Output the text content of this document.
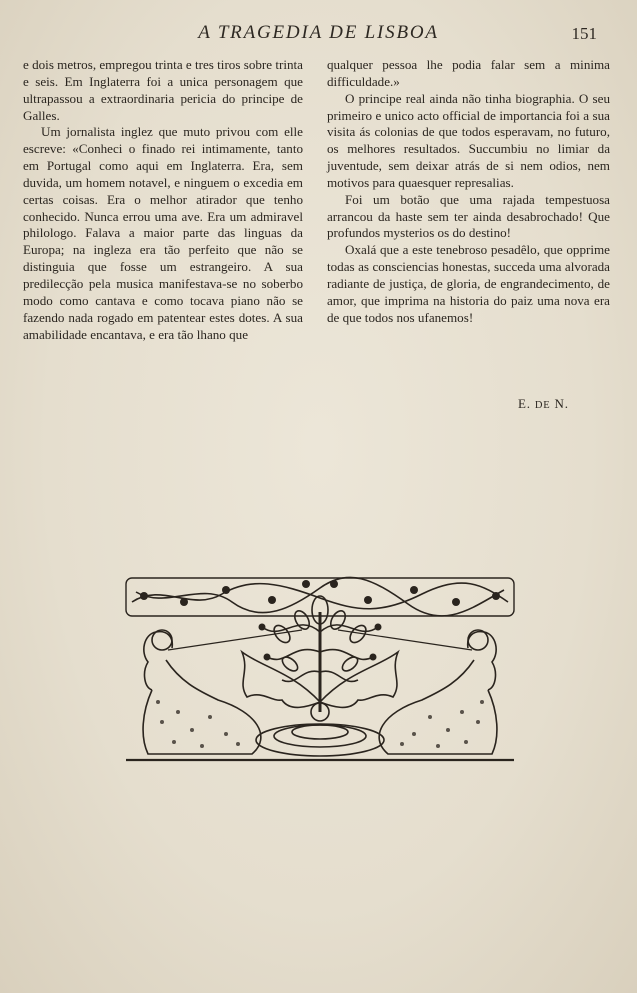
A TRAGEDIA DE LISBOA	151

e dois metros, empregou trinta e tres tiros sobre trinta e seis. Em Inglaterra foi a unica personagem que ultrapassou a extraordinaria pericia do principe de Galles.

Um jornalista inglez que muto privou com elle escreve: «Conheci o finado rei intimamente, tanto em Portugal como aqui em Inglaterra. Era, sem duvida, um homem notavel, e ninguem o excedia em certas coisas. Era o melhor atirador que tenho conhecido. Nunca errou uma ave. Era um admiravel philologo. Falava a maior parte das linguas da Europa; na ingleza era tão perfeito que não se distinguia que fosse um estrangeiro. A sua predilecção pela musica manifestava-se no soberbo modo como cantava e como tocava piano não se fazendo nada rogado em patentear estes dotes. A sua amabilidade encantava, e era tão lhano que

qualquer pessoa lhe podia falar sem a minima difficuldade.»

O principe real ainda não tinha biographia. O seu primeiro e unico acto official de importancia foi a sua visita ás colonias de que todos esperavam, no futuro, os melhores resultados. Succumbiu no limiar da juventude, sem deixar atrás de si nem odios, nem motivos para quaesquer represalias.

Foi um botão que uma rajada tempestuosa arrancou da haste sem ter ainda desabrochado! Que profundos mysterios os do destino!

Oxalá que a este tenebroso pesadêlo, que opprime todas as consciencias honestas, succeda uma alvorada radiante de justiça, de gloria, de engrandecimento, de amor, que imprima na historia do paiz uma nova era de que todos nos ufanemos!

E. DE N.
